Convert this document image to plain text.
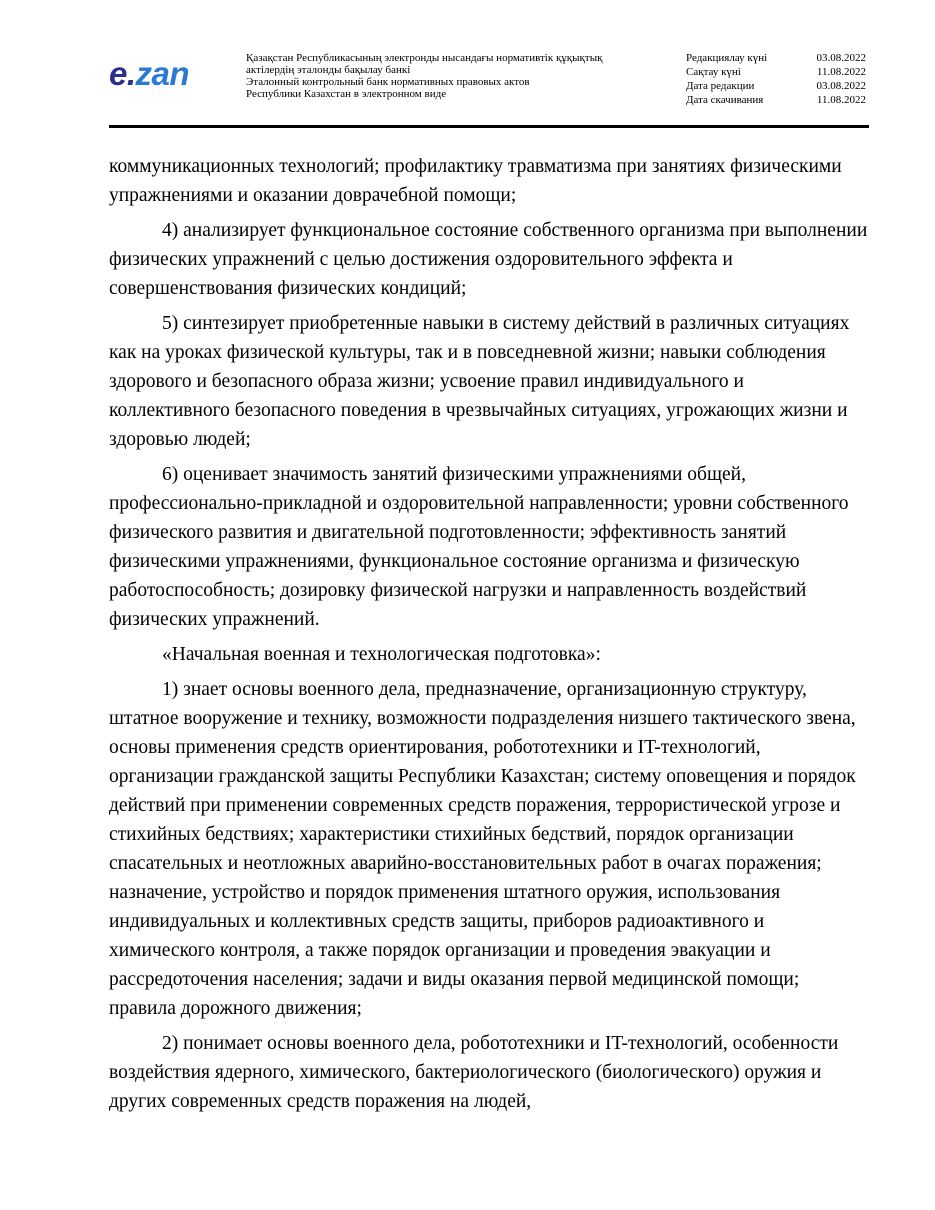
e.zan	Қазақстан Республикасының электронды нысандағы нормативтік құқықтық
актілердің эталонды бақылау банкі
Эталонный контрольный банк нормативных правовых актов
Республики Казахстан в электронном виде
Редакциялау күні	03.08.2022
Сақтау күні	11.08.2022
Дата редакции	03.08.2022
Дата скачивания	11.08.2022

коммуникационных технологий; профилактику травматизма при занятиях физическими упражнениями и оказании доврачебной помощи;

4) анализирует функциональное состояние собственного организма при выполнении физических упражнений с целью достижения оздоровительного эффекта и совершенствования физических кондиций;

5) синтезирует приобретенные навыки в систему действий в различных ситуациях как на уроках физической культуры, так и в повседневной жизни; навыки соблюдения здорового и безопасного образа жизни; усвоение правил индивидуального и коллективного безопасного поведения в чрезвычайных ситуациях, угрожающих жизни и здоровью людей;

6) оценивает значимость занятий физическими упражнениями общей, профессионально-прикладной и оздоровительной направленности; уровни собственного физического развития и двигательной подготовленности; эффективность занятий физическими упражнениями, функциональное состояние организма и физическую работоспособность; дозировку физической нагрузки и направленность воздействий физических упражнений.

«Начальная военная и технологическая подготовка»:

1) знает основы военного дела, предназначение, организационную структуру, штатное вооружение и технику, возможности подразделения низшего тактического звена, основы применения средств ориентирования, робототехники и IT-технологий, организации гражданской защиты Республики Казахстан; систему оповещения и порядок действий при применении современных средств поражения, террористической угрозе и стихийных бедствиях; характеристики стихийных бедствий, порядок организации спасательных и неотложных аварийно-восстановительных работ в очагах поражения; назначение, устройство и порядок применения штатного оружия, использования индивидуальных и коллективных средств защиты, приборов радиоактивного и химического контроля, а также порядок организации и проведения эвакуации и рассредоточения населения; задачи и виды оказания первой медицинской помощи; правила дорожного движения;

2) понимает основы военного дела, робототехники и IT-технологий, особенности воздействия ядерного, химического, бактериологического (биологического) оружия и других современных средств поражения на людей,
